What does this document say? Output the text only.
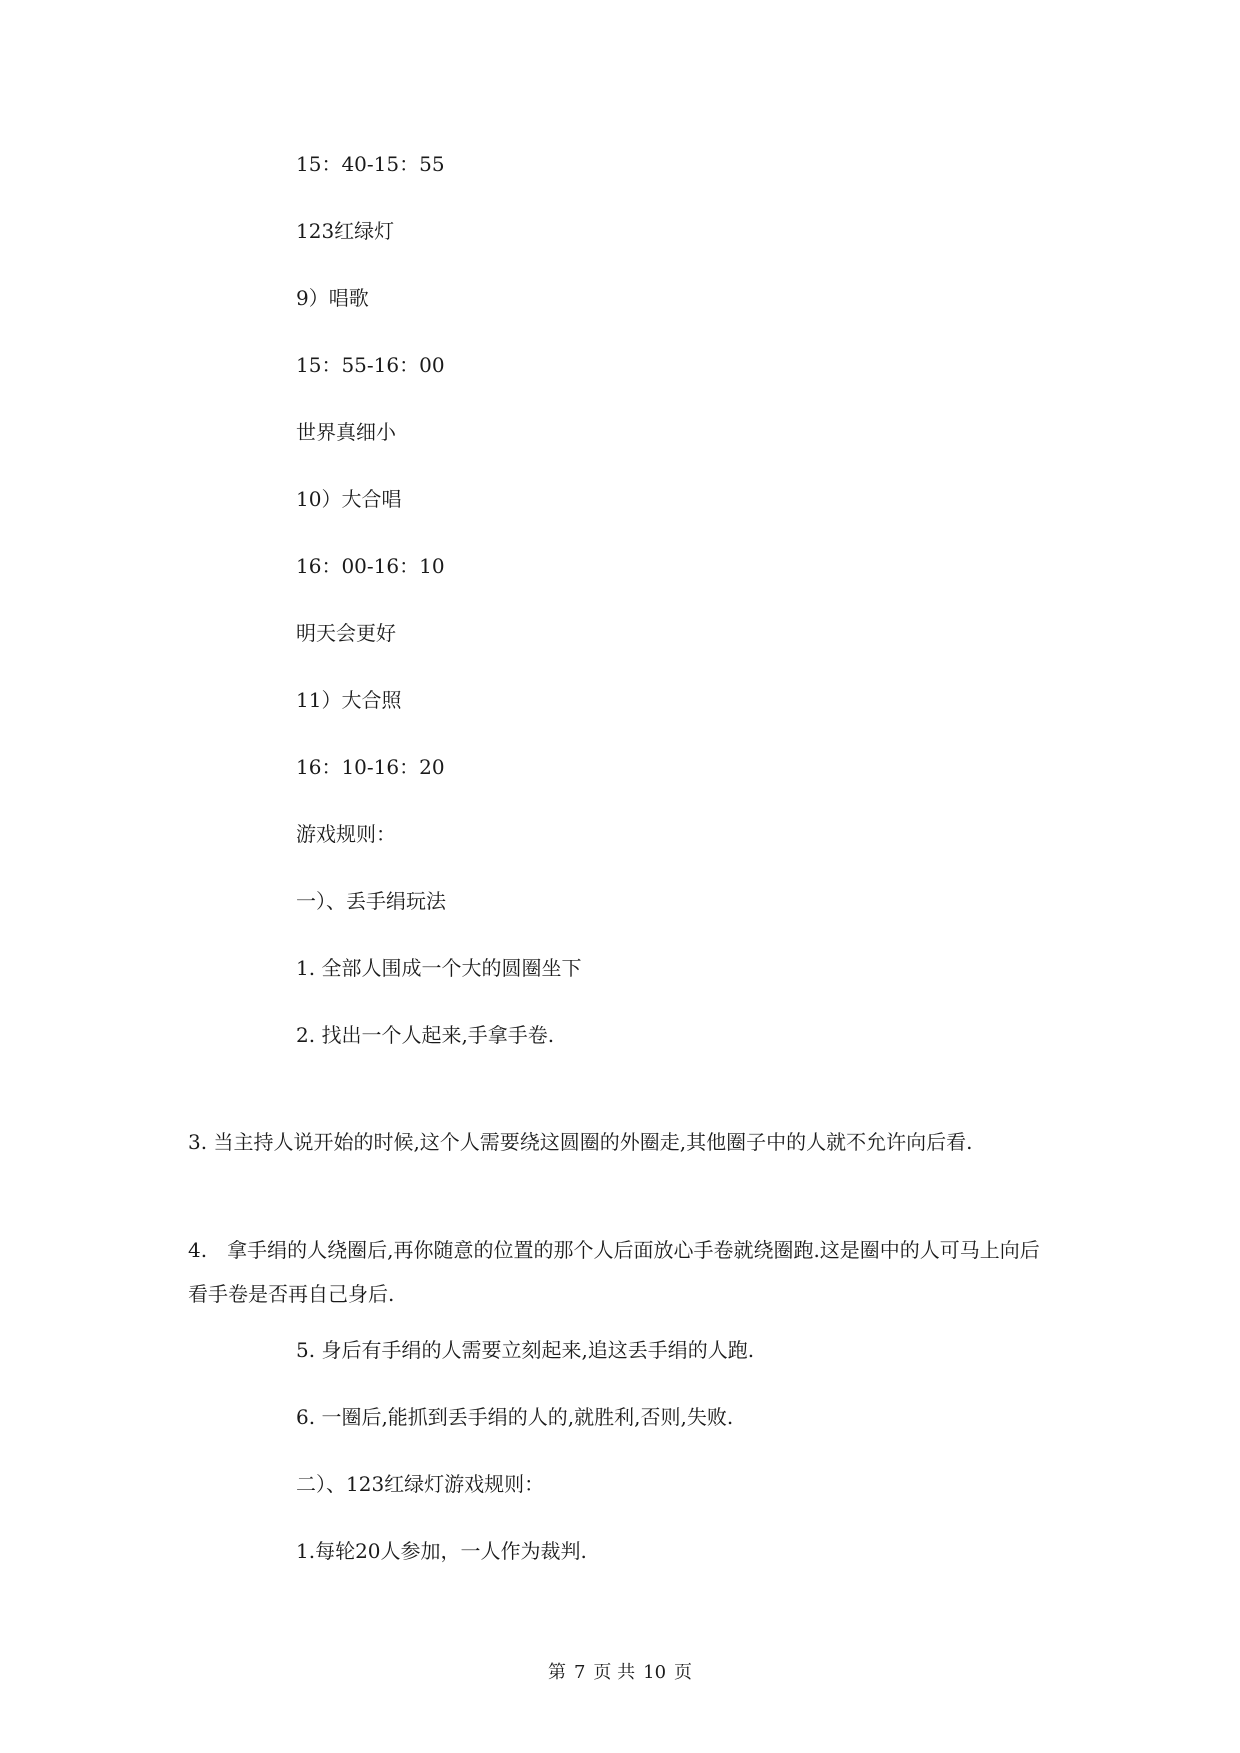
15：40-15：55

123红绿灯

9）唱歌

15：55-16：00

世界真细小

10）大合唱

16：00-16：10

明天会更好

11）大合照

16：10-16：20

游戏规则：

一）、丢手绢玩法

1. 全部人围成一个大的圆圈坐下

2. 找出一个人起来,手拿手卷.

3. 当主持人说开始的时候,这个人需要绕这圆圈的外圈走,其他圈子中的人就不允许向后看.

4.　拿手绢的人绕圈后,再你随意的位置的那个人后面放心手卷就绕圈跑.这是圈中的人可马上向后看手卷是否再自己身后.

5. 身后有手绢的人需要立刻起来,追这丢手绢的人跑.

6. 一圈后,能抓到丢手绢的人的,就胜利,否则,失败.

二）、123红绿灯游戏规则：

1.每轮20人参加，一人作为裁判.

第 7 页 共 10 页
